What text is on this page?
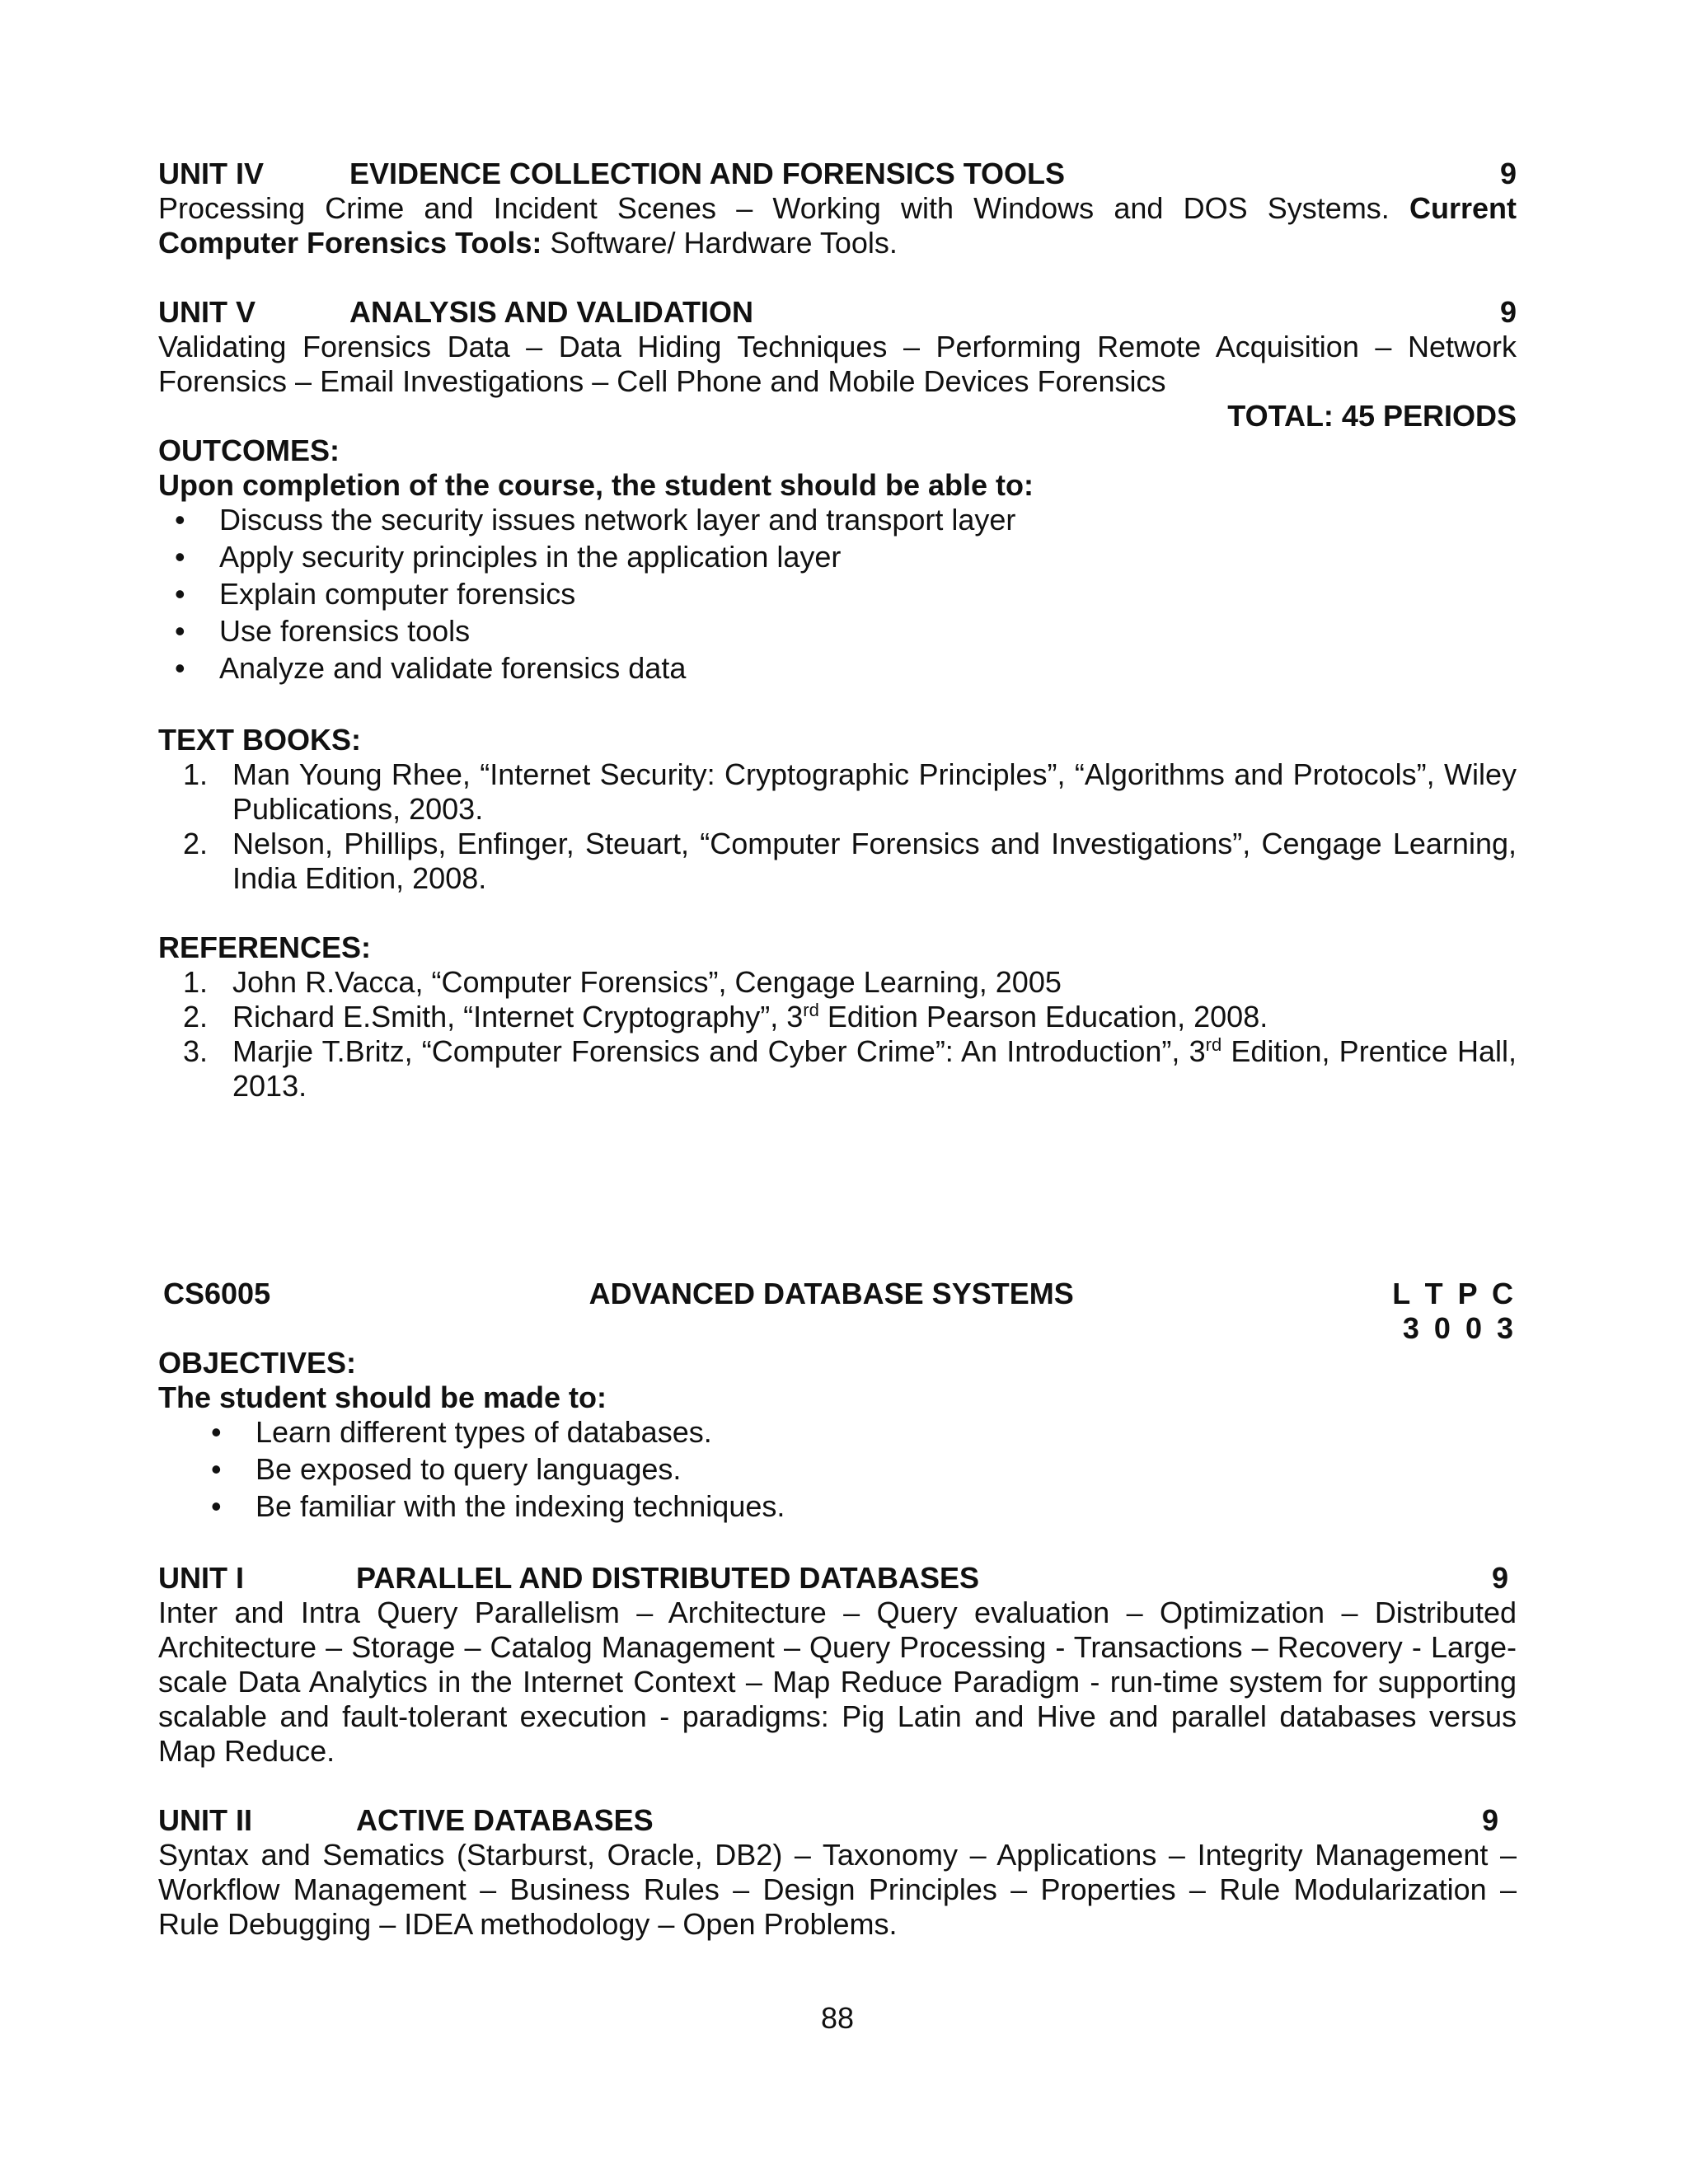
UNIT IV	EVIDENCE COLLECTION AND FORENSICS TOOLS	9
Processing Crime and Incident Scenes – Working with Windows and DOS Systems. Current Computer Forensics Tools: Software/ Hardware Tools.
UNIT V	ANALYSIS AND VALIDATION	9
Validating Forensics Data – Data Hiding Techniques – Performing Remote Acquisition – Network Forensics – Email Investigations – Cell Phone and Mobile Devices Forensics
TOTAL: 45 PERIODS
OUTCOMES:
Upon completion of the course, the student should be able to:
• Discuss the security issues network layer and transport layer
• Apply security principles in the application layer
• Explain computer forensics
• Use forensics tools
• Analyze and validate forensics data
TEXT BOOKS:
1. Man Young Rhee, “Internet Security: Cryptographic Principles”, “Algorithms and Protocols”, Wiley Publications, 2003.
2. Nelson, Phillips, Enfinger, Steuart, “Computer Forensics and Investigations”, Cengage Learning, India Edition, 2008.
REFERENCES:
1. John R.Vacca, “Computer Forensics”, Cengage Learning, 2005
2. Richard E.Smith, “Internet Cryptography”, 3rd Edition Pearson Education, 2008.
3. Marjie T.Britz, “Computer Forensics and Cyber Crime”: An Introduction”, 3rd Edition, Prentice Hall, 2013.
CS6005	ADVANCED DATABASE SYSTEMS	L T P C
3 0 0 3
OBJECTIVES:
The student should be made to:
• Learn different types of databases.
• Be exposed to query languages.
• Be familiar with the indexing techniques.
UNIT I	PARALLEL AND DISTRIBUTED DATABASES	9
Inter and Intra Query Parallelism – Architecture – Query evaluation – Optimization – Distributed Architecture – Storage – Catalog Management – Query Processing - Transactions – Recovery - Large-scale Data Analytics in the Internet Context – Map Reduce Paradigm - run-time system for supporting scalable and fault-tolerant execution - paradigms: Pig Latin and Hive and parallel databases versus Map Reduce.
UNIT II	ACTIVE DATABASES	9
Syntax and Sematics (Starburst, Oracle, DB2) – Taxonomy – Applications – Integrity Management – Workflow Management – Business Rules – Design Principles – Properties – Rule Modularization – Rule Debugging – IDEA methodology – Open Problems.
88
